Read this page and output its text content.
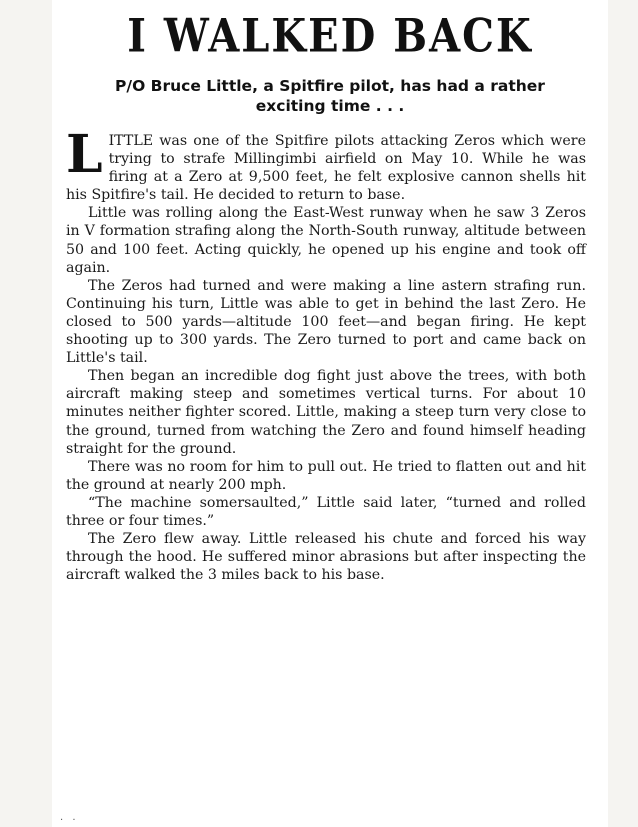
I WALKED BACK
P/O Bruce Little, a Spitfire pilot, has had a rather
exciting time . . .

LITTLE was one of the Spitfire pilots attacking Zeros which were trying to strafe Millingimbi airfield on May 10. While he was firing at a Zero at 9,500 feet, he felt explosive cannon shells hit his Spitfire's tail. He decided to return to base.

Little was rolling along the East-West runway when he saw 3 Zeros in V formation strafing along the North-South runway, altitude between 50 and 100 feet. Acting quickly, he opened up his engine and took off again.

The Zeros had turned and were making a line astern strafing run. Continuing his turn, Little was able to get in behind the last Zero. He closed to 500 yards—altitude 100 feet—and began firing. He kept shooting up to 300 yards. The Zero turned to port and came back on Little's tail.

Then began an incredible dog fight just above the trees, with both aircraft making steep and sometimes vertical turns. For about 10 minutes neither fighter scored. Little, making a steep turn very close to the ground, turned from watching the Zero and found himself heading straight for the ground.

There was no room for him to pull out. He tried to flatten out and hit the ground at nearly 200 mph.

“The machine somersaulted,” Little said later, “turned and rolled three or four times.”

The Zero flew away. Little released his chute and forced his way through the hood. He suffered minor abrasions but after inspecting the aircraft walked the 3 miles back to his base.

. .
